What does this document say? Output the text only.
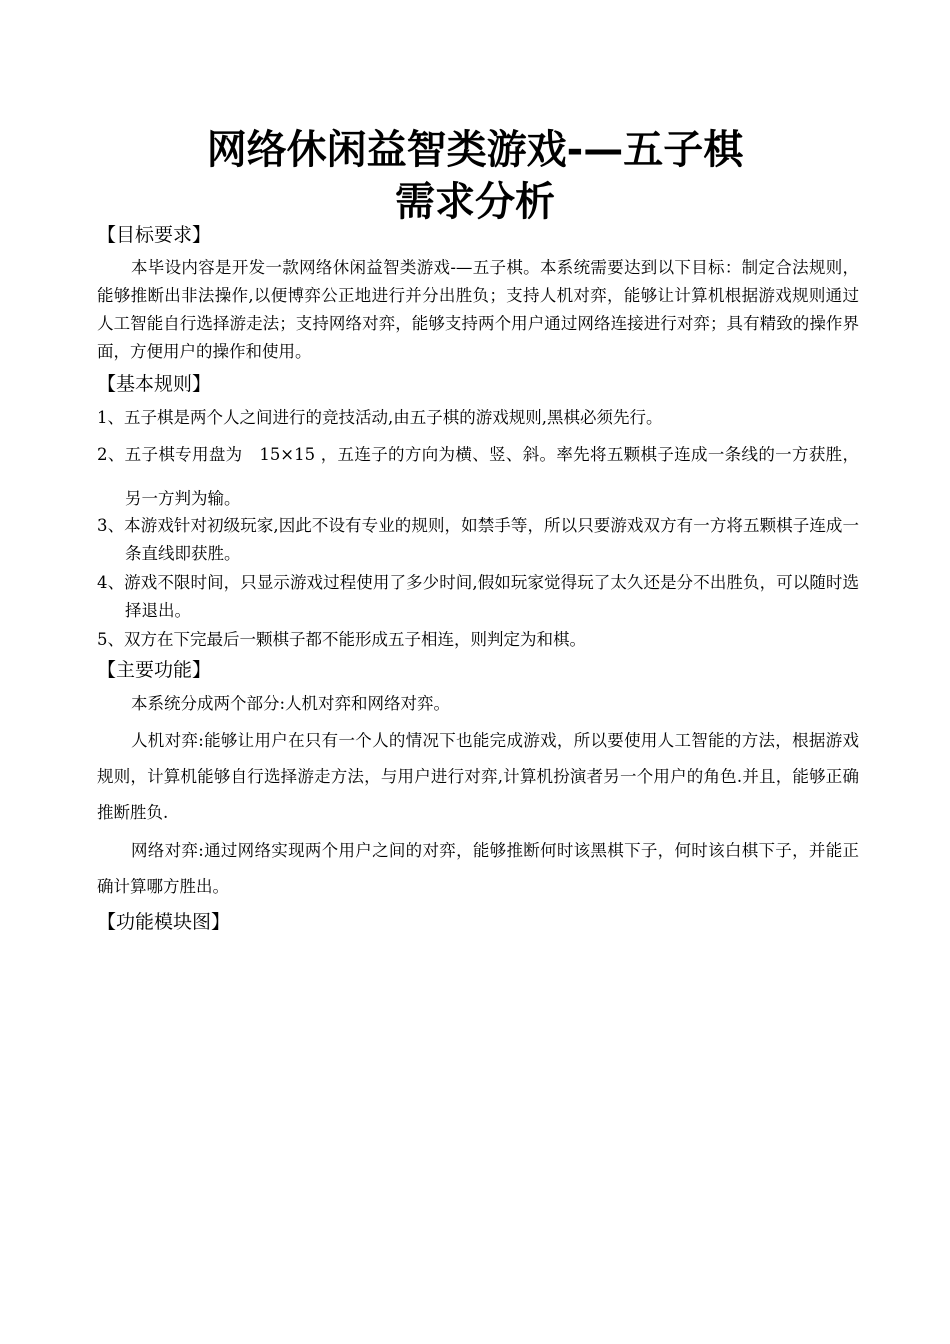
网络休闲益智类游戏-—五子棋
需求分析
【目标要求】

本毕设内容是开发一款网络休闲益智类游戏-—五子棋。本系统需要达到以下目标：制定合法规则，能够推断出非法操作,以便博弈公正地进行并分出胜负；支持人机对弈，能够让计算机根据游戏规则通过人工智能自行选择游走法；支持网络对弈，能够支持两个用户通过网络连接进行对弈；具有精致的操作界面，方便用户的操作和使用。

【基本规则】

1、五子棋是两个人之间进行的竞技活动,由五子棋的游戏规则,黑棋必须先行。

2、五子棋专用盘为　15×15 ，五连子的方向为横、竖、斜。率先将五颗棋子连成一条线的一方获胜，另一方判为输。

3、本游戏针对初级玩家,因此不设有专业的规则，如禁手等，所以只要游戏双方有一方将五颗棋子连成一条直线即获胜。

4、游戏不限时间，只显示游戏过程使用了多少时间,假如玩家觉得玩了太久还是分不出胜负，可以随时选择退出。

5、双方在下完最后一颗棋子都不能形成五子相连，则判定为和棋。

【主要功能】

本系统分成两个部分:人机对弈和网络对弈。

人机对弈:能够让用户在只有一个人的情况下也能完成游戏，所以要使用人工智能的方法，根据游戏规则，计算机能够自行选择游走方法，与用户进行对弈,计算机扮演者另一个用户的角色.并且，能够正确推断胜负.

网络对弈:通过网络实现两个用户之间的对弈，能够推断何时该黑棋下子，何时该白棋下子，并能正确计算哪方胜出。

【功能模块图】
